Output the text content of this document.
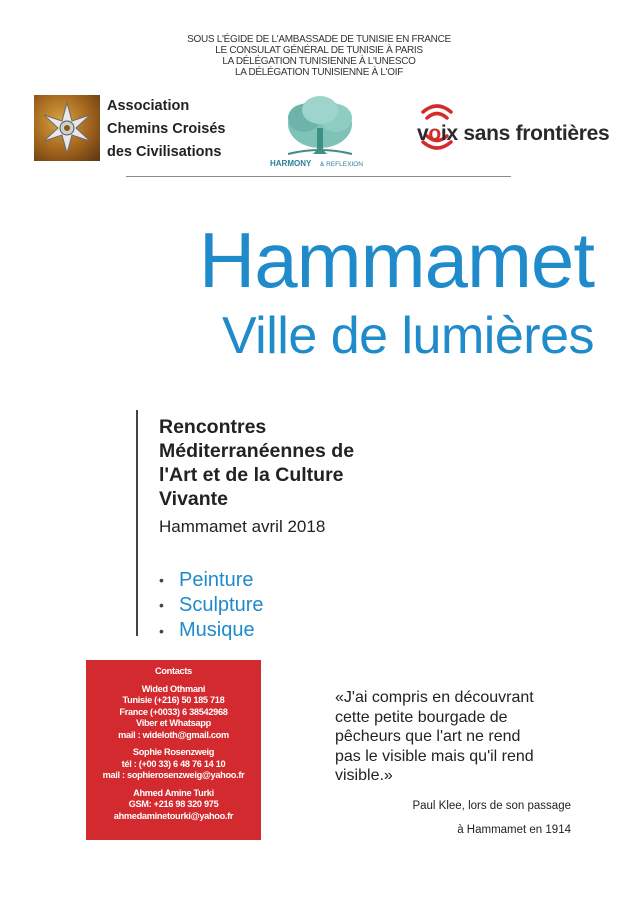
SOUS L'ÉGIDE DE L'AMBASSADE DE TUNISIE EN FRANCE
LE CONSULAT GÉNÉRAL DE TUNISIE À PARIS
LA DÉLÉGATION TUNISIENNE À L'UNESCO
LA DÉLÉGATION TUNISIENNE À L'OIF
Association
Chemins Croisés
des Civilisations
HARMONY & REFLEXION
voix sans frontières
Hammamet
Ville de lumières
Rencontres
Méditerranéennes de
l'Art et de la Culture
Vivante
Hammamet avril 2018
• Peinture
• Sculpture
• Musique
Contacts
Wided Othmani
Tunisie (+216) 50 185 718
France (+0033) 6 38542968
Viber et Whatsapp
mail : wideloth@gmail.com
Sophie Rosenzweig
tél : (+00 33) 6 48 76 14 10
mail : sophierosenzweig@yahoo.fr
Ahmed Amine Turki
GSM: +216 98 320 975
ahmedaminetourki@yahoo.fr
«J'ai compris en découvrant
cette petite bourgade de
pêcheurs que l'art ne rend
pas le visible mais qu'il rend
visible.»
Paul Klee, lors de son passage
à Hammamet en 1914
